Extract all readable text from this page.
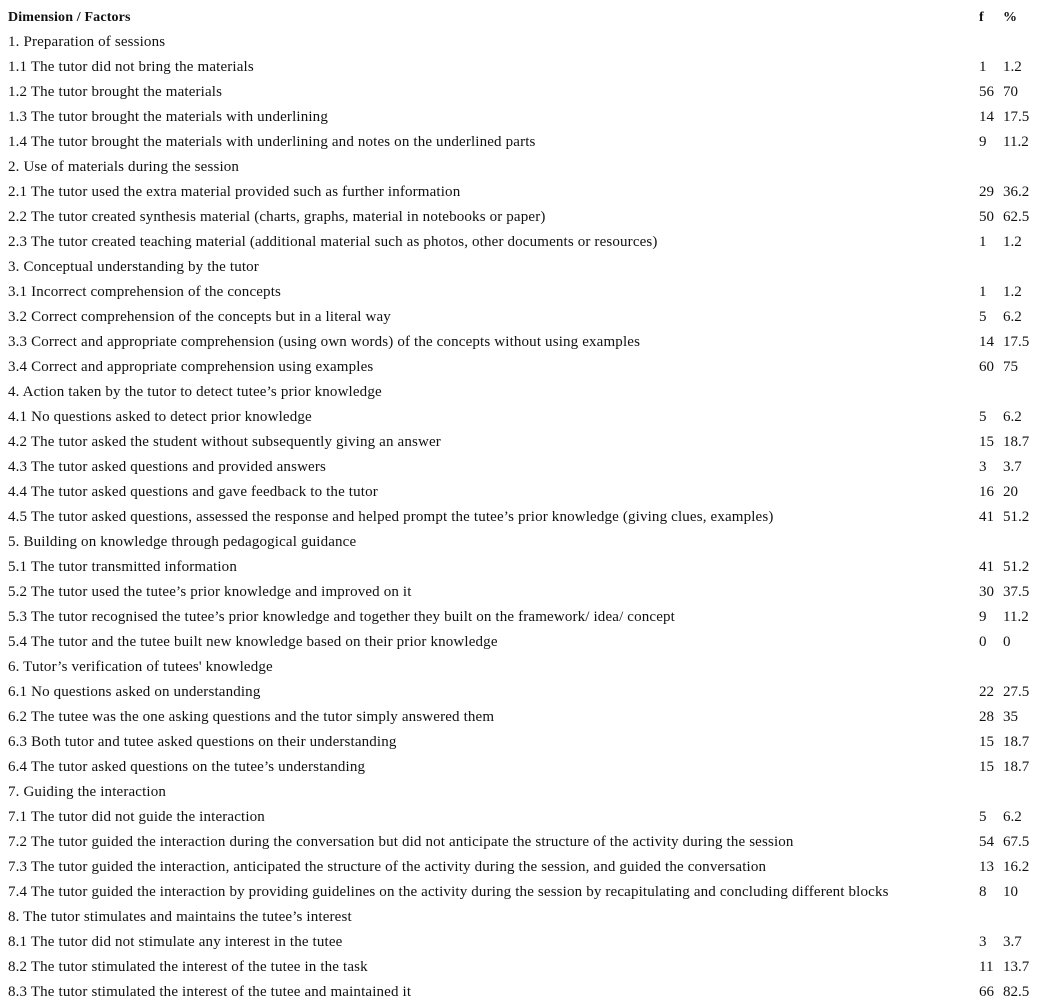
Dimension / Factors	f %
1. Preparation of sessions
1.1 The tutor did not bring the materials	1 1.2
1.2 The tutor brought the materials	56 70
1.3 The tutor brought the materials with underlining	14 17.5
1.4 The tutor brought the materials with underlining and notes on the underlined parts	9 11.2
2. Use of materials during the session
2.1 The tutor used the extra material provided such as further information	29 36.2
2.2 The tutor created synthesis material (charts, graphs, material in notebooks or paper)	50 62.5
2.3 The tutor created teaching material (additional material such as photos, other documents or resources)	1 1.2
3. Conceptual understanding by the tutor
3.1 Incorrect comprehension of the concepts	1 1.2
3.2 Correct comprehension of the concepts but in a literal way	5 6.2
3.3 Correct and appropriate comprehension (using own words) of the concepts without using examples	14 17.5
3.4 Correct and appropriate comprehension using examples	60 75
4. Action taken by the tutor to detect tutee’s prior knowledge
4.1 No questions asked to detect prior knowledge	5 6.2
4.2 The tutor asked the student without subsequently giving an answer	15 18.7
4.3 The tutor asked questions and provided answers	3 3.7
4.4 The tutor asked questions and gave feedback to the tutor	16 20
4.5 The tutor asked questions, assessed the response and helped prompt the tutee’s prior knowledge (giving clues, examples)	41 51.2
5. Building on knowledge through pedagogical guidance
5.1 The tutor transmitted information	41 51.2
5.2 The tutor used the tutee’s prior knowledge and improved on it	30 37.5
5.3 The tutor recognised the tutee’s prior knowledge and together they built on the framework/ idea/ concept	9 11.2
5.4 The tutor and the tutee built new knowledge based on their prior knowledge	0 0
6. Tutor’s verification of tutees' knowledge
6.1 No questions asked on understanding	22 27.5
6.2 The tutee was the one asking questions and the tutor simply answered them	28 35
6.3 Both tutor and tutee asked questions on their understanding	15 18.7
6.4 The tutor asked questions on the tutee’s understanding	15 18.7
7. Guiding the interaction
7.1 The tutor did not guide the interaction	5 6.2
7.2 The tutor guided the interaction during the conversation but did not anticipate the structure of the activity during the session	54 67.5
7.3 The tutor guided the interaction, anticipated the structure of the activity during the session, and guided the conversation	13 16.2
7.4 The tutor guided the interaction by providing guidelines on the activity during the session by recapitulating and concluding different blocks	8 10
8. The tutor stimulates and maintains the tutee’s interest
8.1 The tutor did not stimulate any interest in the tutee	3 3.7
8.2 The tutor stimulated the interest of the tutee in the task	11 13.7
8.3 The tutor stimulated the interest of the tutee and maintained it	66 82.5
